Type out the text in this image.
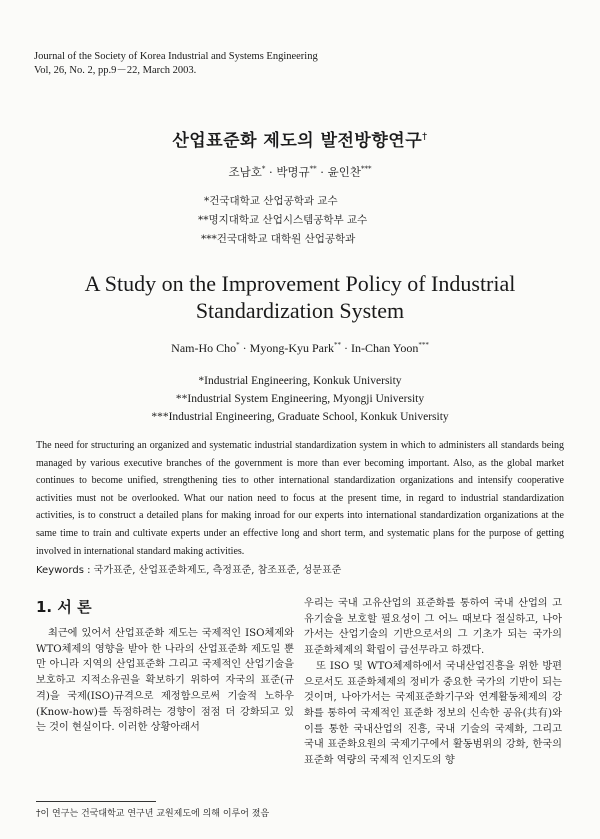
Journal of the Society of Korea Industrial and Systems Engineering
Vol, 26, No. 2, pp.9－22, March 2003.
산업표준화 제도의 발전방향연구†
조남호* · 박명규** · 윤인찬***
*건국대학교 산업공학과 교수
**명지대학교 산업시스템공학부 교수
***건국대학교 대학원 산업공학과
A Study on the Improvement Policy of Industrial
Standardization System
Nam-Ho Cho* · Myong-Kyu Park** · In-Chan Yoon***
*Industrial Engineering, Konkuk University
**Industrial System Engineering, Myongji University
***Industrial Engineering, Graduate School, Konkuk University
The need for structuring an organized and systematic industrial standardization system in which to administers all standards being managed by various executive branches of the government is more than ever becoming important. Also, as the global market continues to become unified, strengthening ties to other international standardization organizations and intensify cooperative activities must not be overlooked. What our nation need to focus at the present time, in regard to industrial standardization activities, is to construct a detailed plans for making inroad for our experts into international standardization organizations at the same time to train and cultivate experts under an effective long and short term, and systematic plans for the purpose of getting involved in international standard making activities.
Keywords : 국가표준, 산업표준화제도, 측정표준, 참조표준, 성문표준
1. 서 론

최근에 있어서 산업표준화 제도는 국제적인 ISO체제와 WTO체제의 영향을 받아 한 나라의 산업표준화 제도일 뿐만 아니라 지역의 산업표준화 그리고 국제적인 산업기술을 보호하고 지적소유권을 확보하기 위하여 자국의 표준(규격)을 국제(ISO)규격으로 제정함으로써 기술적 노하우(Know-how)를 독점하려는 경향이 점점 더 강화되고 있는 것이 현실이다. 이러한 상황아래서

우리는 국내 고유산업의 표준화를 통하여 국내 산업의 고유기술을 보호할 필요성이 그 어느 때보다 절실하고, 나아가서는 산업기술의 기반으로서의 그 기초가 되는 국가의 표준화체제의 확립이 급선무라고 하겠다.

또 ISO 및 WTO체제하에서 국내산업진흥을 위한 방편으로서도 표준화체제의 정비가 중요한 국가의 기반이 되는 것이며, 나아가서는 국제표준화기구와 연계활동체제의 강화를 통하여 국제적인 표준화 정보의 신속한 공유(共有)와 이를 통한 국내산업의 진흥, 국내 기술의 국제화, 그리고 국내 표준화요원의 국제기구에서 활동범위의 강화, 한국의 표준화 역량의 국제적 인지도의 향

†이 연구는 건국대학교 연구년 교원제도에 의해 이루어 졌음
